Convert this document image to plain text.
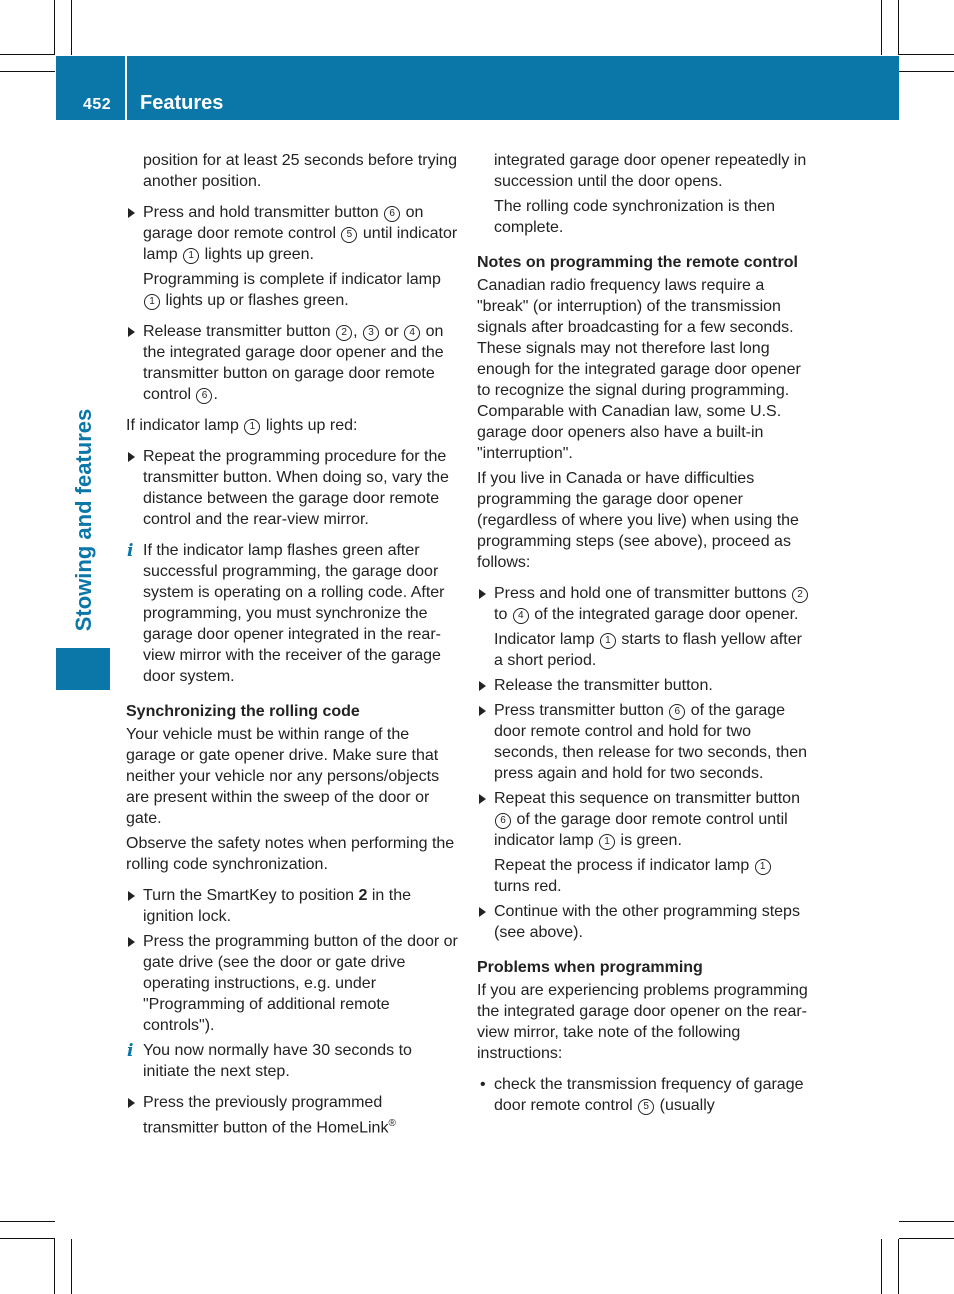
452 Features
Stowing and features

position for at least 25 seconds before trying another position.

Press and hold transmitter button 6 on garage door remote control 5 until indicator lamp 1 lights up green.

Programming is complete if indicator lamp 1 lights up or flashes green.

Release transmitter button 2 , 3 or 4 on the integrated garage door opener and the transmitter button on garage door remote control 6 .

If indicator lamp 1 lights up red:

Repeat the programming procedure for the transmitter button. When doing so, vary the distance between the garage door remote control and the rear-view mirror.
i If the indicator lamp flashes green after successful programming, the garage door system is operating on a rolling code. After programming, you must synchronize the garage door opener integrated in the rear-view mirror with the receiver of the garage door system.

Synchronizing the rolling code

Your vehicle must be within range of the garage or gate opener drive. Make sure that neither your vehicle nor any persons/objects are present within the sweep of the door or gate.

Observe the safety notes when performing the rolling code synchronization.

Turn the SmartKey to position 2 in the ignition lock.
Press the programming button of the door or gate drive (see the door or gate drive operating instructions, e.g. under "Programming of additional remote controls").
i You now normally have 30 seconds to initiate the next step.
Press the previously programmed transmitter button of the HomeLink®

integrated garage door opener repeatedly in succession until the door opens.

The rolling code synchronization is then complete.

Notes on programming the remote control

Canadian radio frequency laws require a "break" (or interruption) of the transmission signals after broadcasting for a few seconds. These signals may not therefore last long enough for the integrated garage door opener to recognize the signal during programming. Comparable with Canadian law, some U.S. garage door openers also have a built-in "interruption".

If you live in Canada or have difficulties programming the garage door opener (regardless of where you live) when using the programming steps (see above), proceed as follows:

Press and hold one of transmitter buttons 2 to 4 of the integrated garage door opener.

Indicator lamp 1 starts to flash yellow after a short period.

Release the transmitter button.
Press transmitter button 6 of the garage door remote control and hold for two seconds, then release for two seconds, then press again and hold for two seconds.
Repeat this sequence on transmitter button 6 of the garage door remote control until indicator lamp 1 is green.

Repeat the process if indicator lamp 1 turns red.

Continue with the other programming steps (see above).

Problems when programming

If you are experiencing problems programming the integrated garage door opener on the rear-view mirror, take note of the following instructions:

• check the transmission frequency of garage door remote control 5 (usually
